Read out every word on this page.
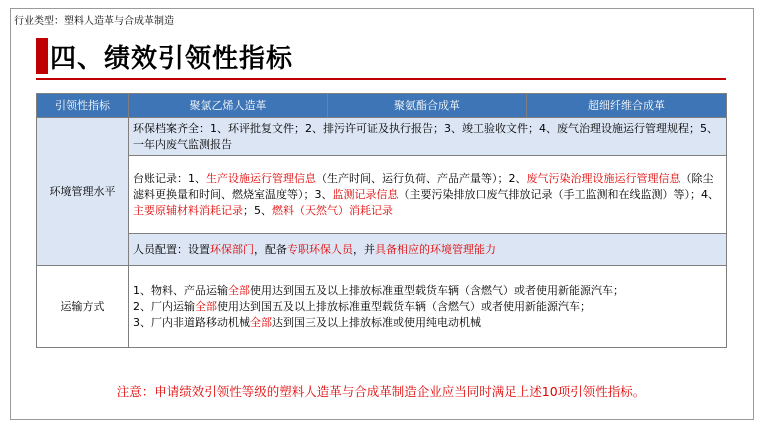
行业类型：塑料人造革与合成革制造
四、绩效引领性指标
引领性指标	聚氯乙烯人造革	聚氨酯合成革	超细纤维合成革
环境管理水平	环保档案齐全：1、环评批复文件；2、排污许可证及执行报告；3、竣工验收文件；4、废气治理设施运行管理规程；5、一年内废气监测报告		
	台账记录：1、生产设施运行管理信息（生产时间、运行负荷、产品产量等）；2、废气污染治理设施运行管理信息（除尘滤料更换量和时间、燃烧室温度等）；3、监测记录信息（主要污染排放口废气排放记录（手工监测和在线监测）等）；4、主要原辅材料消耗记录；5、燃料（天然气）消耗记录		
	人员配置：设置环保部门，配备专职环保人员，并具备相应的环境管理能力		
运输方式	1、物料、产品运输全部使用达到国五及以上排放标准重型载货车辆（含燃气）或者使用新能源汽车；
2、厂内运输全部使用达到国五及以上排放标准重型载货车辆（含燃气）或者使用新能源汽车；
3、厂内非道路移动机械全部达到国三及以上排放标准或使用纯电动机械		
注意：申请绩效引领性等级的塑料人造革与合成革制造企业应当同时满足上述10项引领性指标。
